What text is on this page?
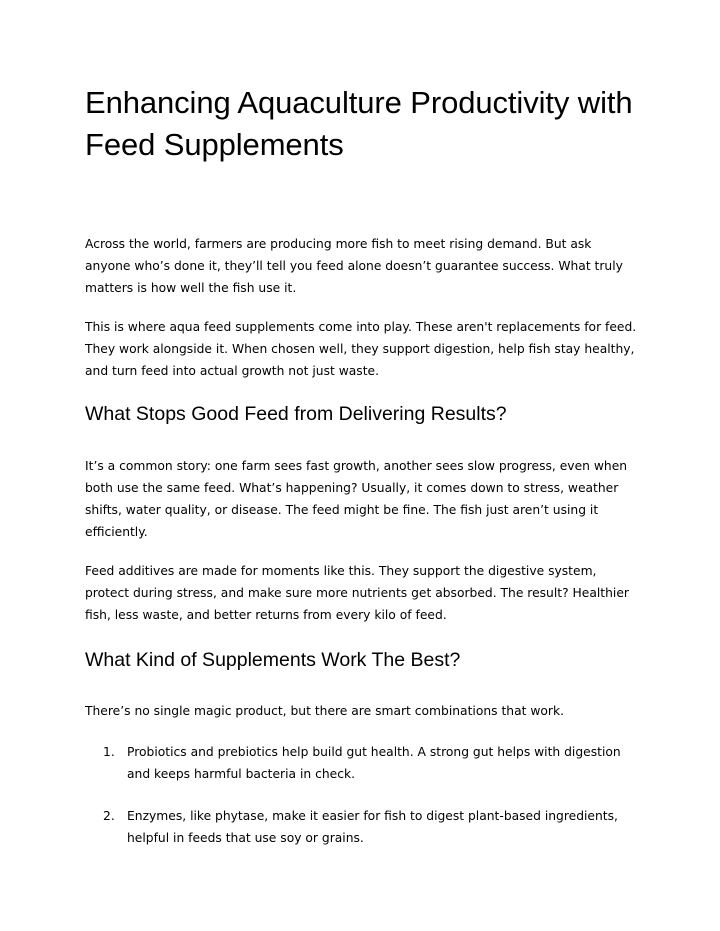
Enhancing Aquaculture Productivity with Feed Supplements

Across the world, farmers are producing more fish to meet rising demand. But ask anyone who’s done it, they’ll tell you feed alone doesn’t guarantee success. What truly matters is how well the fish use it.

This is where aqua feed supplements come into play. These aren't replacements for feed. They work alongside it. When chosen well, they support digestion, help fish stay healthy, and turn feed into actual growth not just waste.

What Stops Good Feed from Delivering Results?

It’s a common story: one farm sees fast growth, another sees slow progress, even when both use the same feed. What’s happening? Usually, it comes down to stress, weather shifts, water quality, or disease. The feed might be fine. The fish just aren’t using it efficiently.

Feed additives are made for moments like this. They support the digestive system, protect during stress, and make sure more nutrients get absorbed. The result? Healthier fish, less waste, and better returns from every kilo of feed.

What Kind of Supplements Work The Best?

There’s no single magic product, but there are smart combinations that work.

1. Probiotics and prebiotics help build gut health. A strong gut helps with digestion and keeps harmful bacteria in check.
2. Enzymes, like phytase, make it easier for fish to digest plant-based ingredients, helpful in feeds that use soy or grains.
